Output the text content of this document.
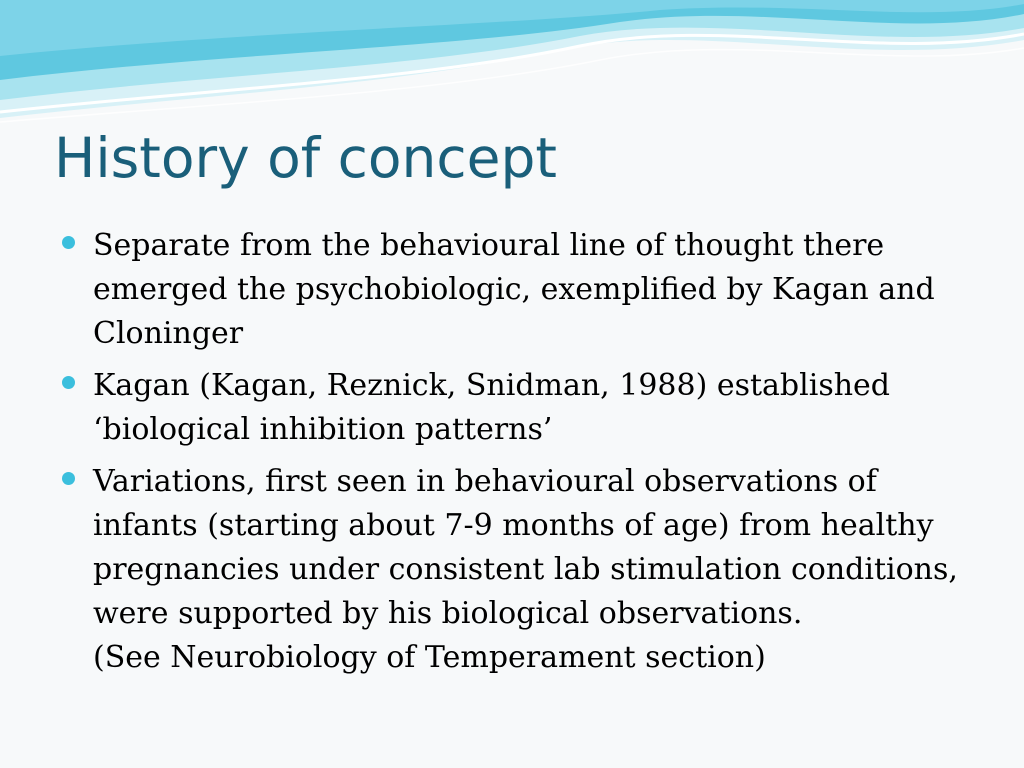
History of concept
Separate from the behavioural line of thought there
emerged the psychobiologic, exemplified by Kagan and
Cloninger
Kagan (Kagan, Reznick, Snidman, 1988) established
‘biological inhibition patterns’
Variations, first seen in behavioural observations of
infants (starting about 7-9 months of age) from healthy
pregnancies under consistent lab stimulation conditions,
were supported by his biological observations.
(See Neurobiology of Temperament section)
